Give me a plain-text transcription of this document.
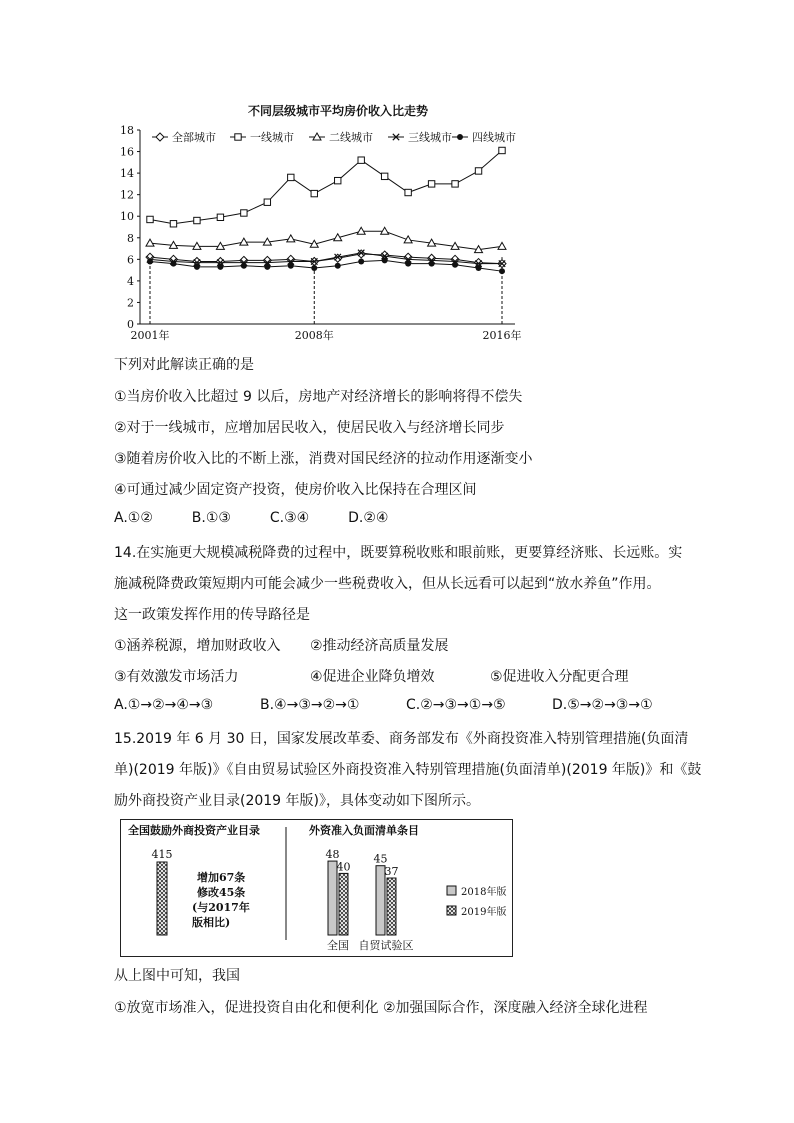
不同层级城市平均房价收入比走势
0
2
4
6
8
10
12
14
16
18
2001年	2008年	2016年
全部城市	一线城市	二线城市	三线城市 四线城市
下列对此解读正确的是
①当房价收入比超过 9 以后，房地产对经济增长的影响将得不偿失
②对于一线城市，应增加居民收入，使居民收入与经济增长同步
③随着房价收入比的不断上涨，消费对国民经济的拉动作用逐渐变小
④可通过减少固定资产投资，使房价收入比保持在合理区间
A.①②	B.①③	C.③④	D.②④
14.在实施更大规模减税降费的过程中，既要算税收账和眼前账，更要算经济账、长远账。实
施减税降费政策短期内可能会减少一些税费收入，但从长远看可以起到“放水养鱼”作用。
这一政策发挥作用的传导路径是
①涵养税源，增加财政收入 ②推动经济高质量发展
③有效激发市场活力	④促进企业降负增效	⑤促进收入分配更合理
A.①→②→④→③	B.④→③→②→①	C.②→③→①→⑤	D.⑤→②→③→①
15.2019 年 6 月 30 日，国家发展改革委、商务部发布《外商投资准入特别管理措施(负面清
单)(2019 年版)》《自由贸易试验区外商投资准入特别管理措施(负面清单)(2019 年版)》和《鼓
励外商投资产业目录(2019 年版)》，具体变动如下图所示。
全国鼓励外商投资产业目录
415
增加67条
修改45条
(与2017年
版相比)
外资准入负面清单条目
48
40
全国
45
37
自贸试验区
2018年版
2019年版
从上图中可知，我国
①放宽市场准入，促进投资自由化和便利化 ②加强国际合作，深度融入经济全球化进程
